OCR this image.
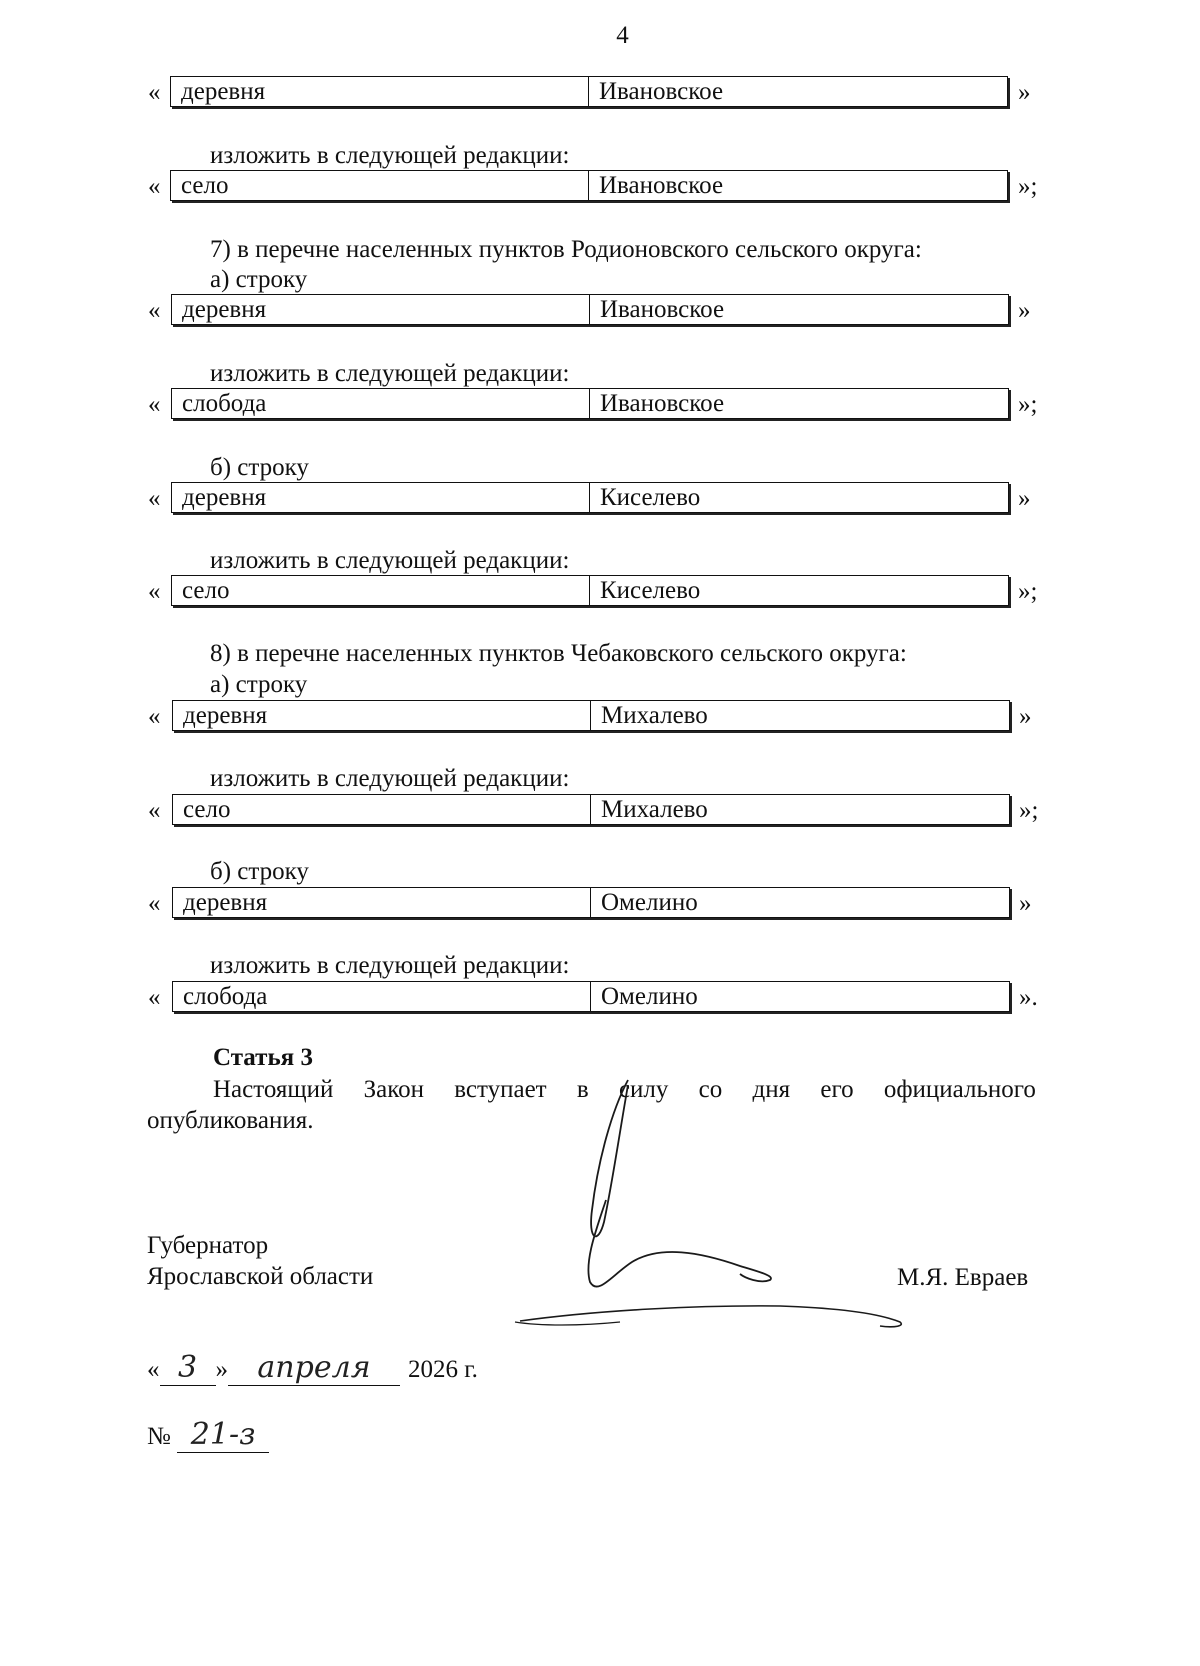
4
« деревня	Ивановское	»
изложить в следующей редакции:
« село	Ивановское	»;
7) в перечне населенных пунктов Родионовского сельского округа:
а) строку
« деревня	Ивановское	»
изложить в следующей редакции:
« слобода	Ивановское	»;
б) строку
« деревня	Киселево	»
изложить в следующей редакции:
« село	Киселево	»;
8) в перечне населенных пунктов Чебаковского сельского округа:
а) строку
« деревня	Михалево	»
изложить в следующей редакции:
« село	Михалево	»;
б) строку
« деревня	Омелино	»
изложить в следующей редакции:
« слобода	Омелино	».
Статья 3
Настоящий Закон вступает в силу со дня его официального
опубликования.
Губернатор
Ярославской области	М.Я. Евраев
« 3 » апреля 2026 г.
№ 21-з
